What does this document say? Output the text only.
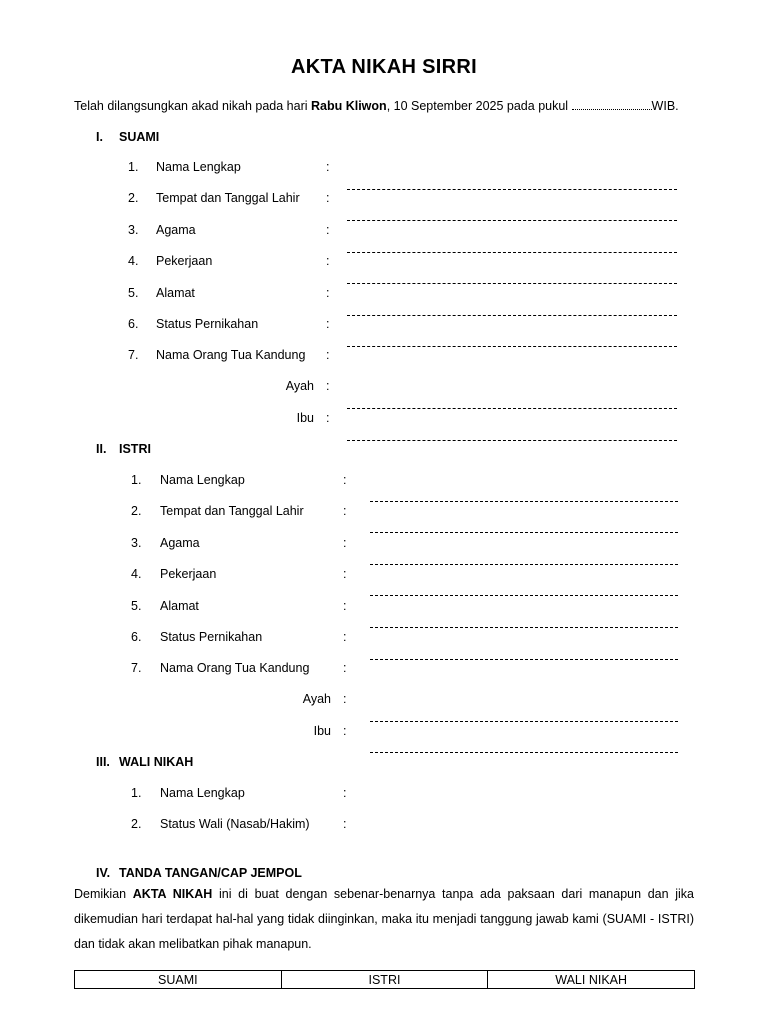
AKTA NIKAH SIRRI
Telah dilangsungkan akad nikah pada hari Rabu Kliwon, 10 September 2025 pada pukul	WIB.
I. SUAMI
II. ISTRI
III. WALI NIKAH
IV. TANDA TANGAN/CAP JEMPOL
Demikian AKTA NIKAH ini di buat dengan sebenar-benarnya tanpa ada paksaan dari manapun dan jika dikemudian hari terdapat hal-hal yang tidak diinginkan, maka itu menjadi tanggung jawab kami (SUAMI - ISTRI) dan tidak akan melibatkan pihak manapun.
SUAMI	ISTRI	WALI NIKAH
1. Nama Lengkap	:
2. Tempat dan Tanggal Lahir :
3. Agama	:
4. Pekerjaan	:
5. Alamat	:
6. Status Pernikahan	:
7. Nama Orang Tua Kandung :
Ayah :
Ibu :
1. Nama Lengkap	:
2. Tempat dan Tanggal Lahir	:
3. Agama	:
4. Pekerjaan	:
5. Alamat	:
6. Status Pernikahan	:
7. Nama Orang Tua Kandung	:
Ayah :
Ibu :
1. Nama Lengkap	:
2. Status Wali (Nasab/Hakim)	:
